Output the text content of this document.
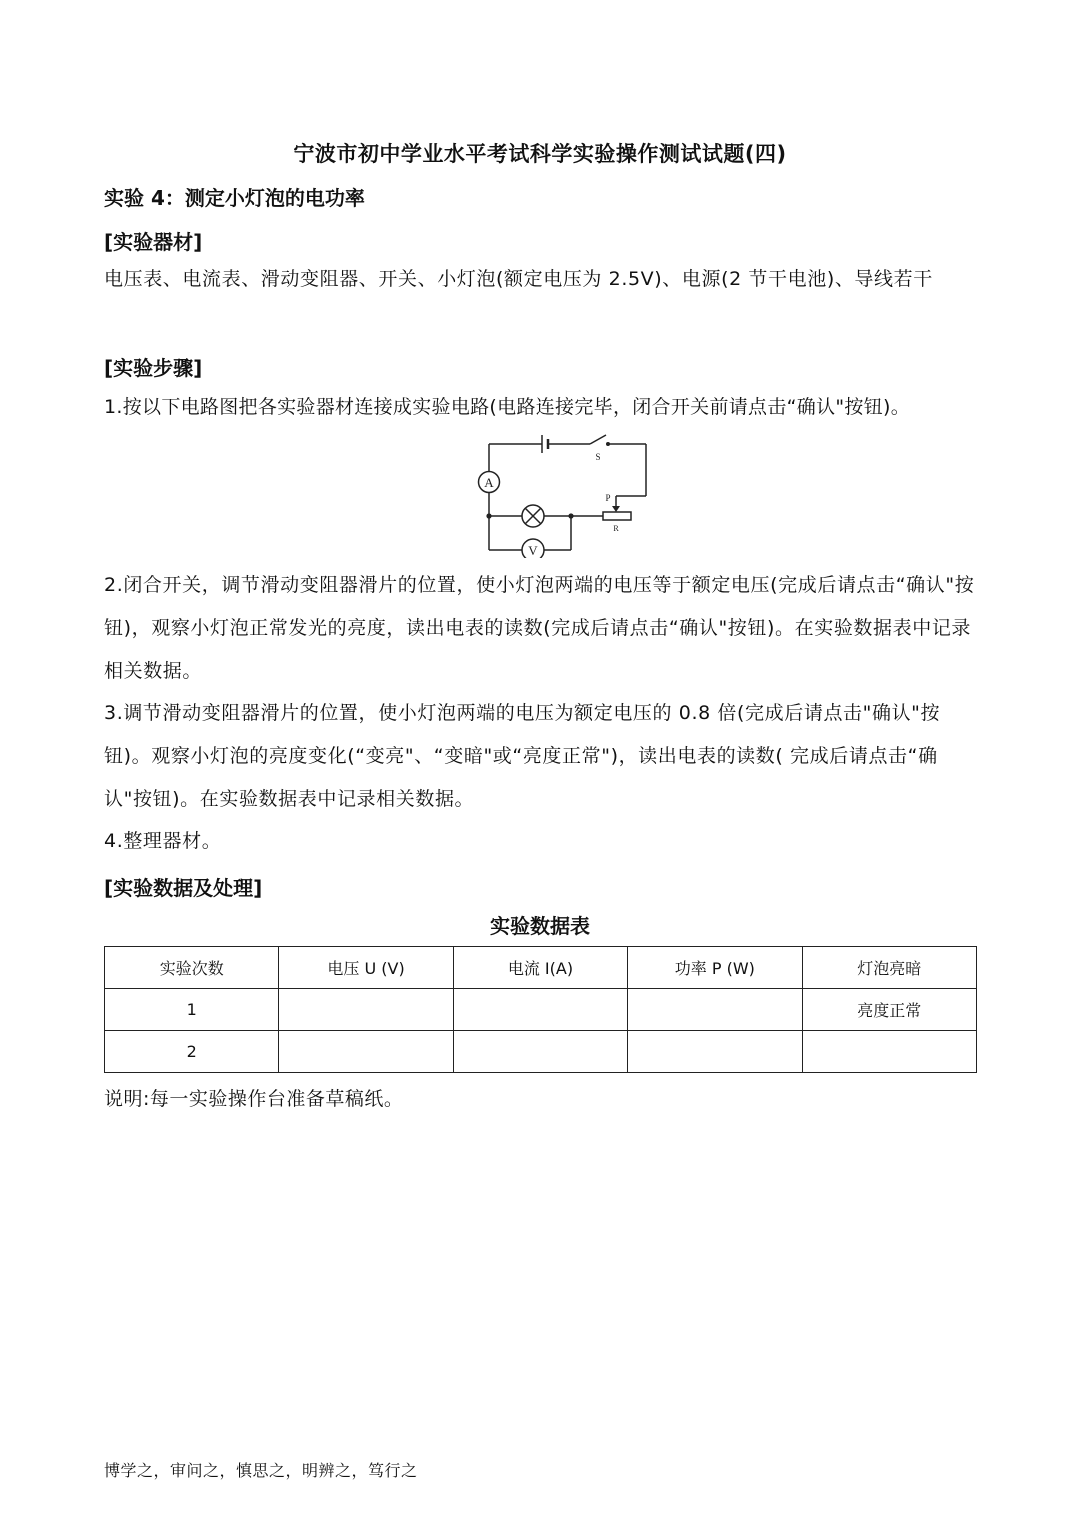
宁波市初中学业水平考试科学实验操作测试试题(四)
实验 4：测定小灯泡的电功率
[实验器材]
电压表、电流表、滑动变阻器、开关、小灯泡(额定电压为 2.5V)、电源(2 节干电池)、导线若干
[实验步骤]
1.按以下电路图把各实验器材连接成实验电路(电路连接完毕，闭合开关前请点击“确认"按钮)。
A
V
S
P
R
2.闭合开关，调节滑动变阻器滑片的位置，使小灯泡两端的电压等于额定电压(完成后请点击“确认"按钮)，观察小灯泡正常发光的亮度，读出电表的读数(完成后请点击“确认"按钮)。在实验数据表中记录相关数据。
3.调节滑动变阻器滑片的位置，使小灯泡两端的电压为额定电压的 0.8 倍(完成后请点击"确认"按钮)。观察小灯泡的亮度变化(“变亮"、“变暗"或“亮度正常")，读出电表的读数( 完成后请点击“确认"按钮)。在实验数据表中记录相关数据。
4.整理器材。
[实验数据及处理]
实验数据表
实验次数	电压 U (V)	电流 I(A)	功率 P (W)	灯泡亮暗
1				亮度正常
2				
说明:每一实验操作台准备草稿纸。
博学之，审问之，慎思之，明辨之，笃行之
